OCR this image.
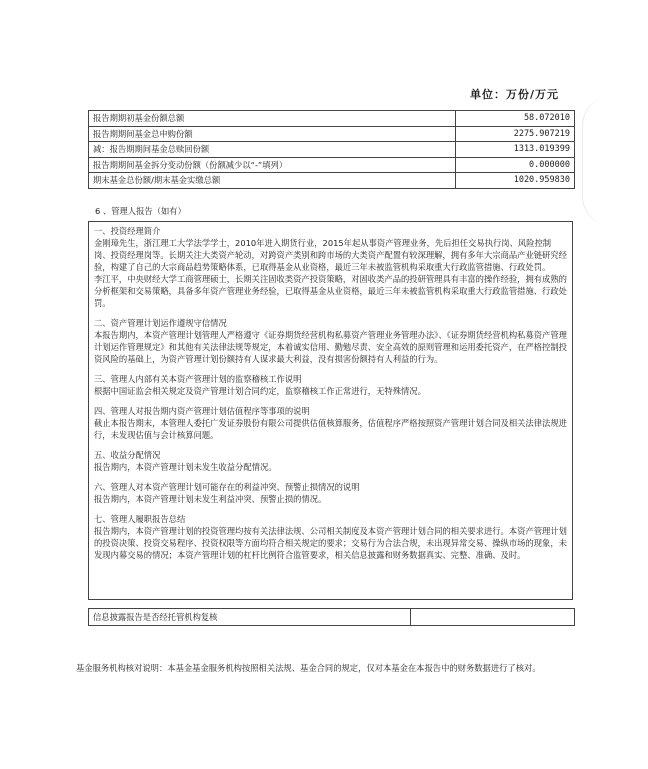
单位：万份/万元
报告期期初基金份额总额	58.072010
报告期期间基金总申购份额	2275.907219
减：报告期期间基金总赎回份额	1313.019399
报告期期间基金拆分变动份额（份额减少以“-”填列）	0.000000
期末基金总份额/期末基金实缴总额	1020.959830
6 、管理人报告（如有）
一、投资经理简介
金刚璋先生，浙江理工大学法学学士，2010年进入期货行业，2015年起从事资产管理业务，先后担任交易执行岗、风险控制岗、投资经理岗等。长期关注大类资产轮动，对跨资产类别和跨市场的大类资产配置有较深理解，拥有多年大宗商品产业链研究经验，构建了自己的大宗商品趋势策略体系，已取得基金从业资格，最近三年未被监管机构采取重大行政监管措施、行政处罚。
李江平，中央财经大学工商管理硕士，长期关注固收类资产投资策略，对固收类产品的投研管理具有丰富的操作经验，拥有成熟的分析框架和交易策略，具备多年资产管理业务经验，已取得基金从业资格，最近三年未被监管机构采取重大行政监管措施、行政处罚。
二、资产管理计划运作遵规守信情况
本报告期内，本资产管理计划管理人严格遵守《证券期货经营机构私募资产管理业务管理办法》、《证券期货经营机构私募资产管理计划运作管理规定》和其他有关法律法规等规定，本着诚实信用、勤勉尽责、安全高效的原则管理和运用委托资产，在严格控制投资风险的基础上，为资产管理计划份额持有人谋求最大利益，没有损害份额持有人利益的行为。
三、管理人内部有关本资产管理计划的监察稽核工作说明
根据中国证监会相关规定及资产管理计划合同约定，监察稽核工作正常进行，无特殊情况。
四、管理人对报告期内资产管理计划估值程序等事项的说明
截止本报告期末，本管理人委托广发证券股份有限公司提供估值核算服务，估值程序严格按照资产管理计划合同及相关法律法规进行，未发现估值与会计核算问题。
五、收益分配情况
报告期内，本资产管理计划未发生收益分配情况。
六、管理人对本资产管理计划可能存在的利益冲突、预警止损情况的说明
报告期内，本资产管理计划未发生利益冲突、预警止损的情况。
七、管理人履职报告总结
报告期内，本资产管理计划的投资管理均按有关法律法规、公司相关制度及本资产管理计划合同的相关要求进行。本资产管理计划的投资决策、投资交易程序、投资权限等方面均符合相关规定的要求；交易行为合法合规，未出现异常交易、操纵市场的现象，未发现内幕交易的情况；本资产管理计划的杠杆比例符合监管要求，相关信息披露和财务数据真实、完整、准确、及时。
信息披露报告是否经托管机构复核	
基金服务机构核对说明：本基金基金服务机构按照相关法规、基金合同的规定，仅对本基金在本报告中的财务数据进行了核对。
